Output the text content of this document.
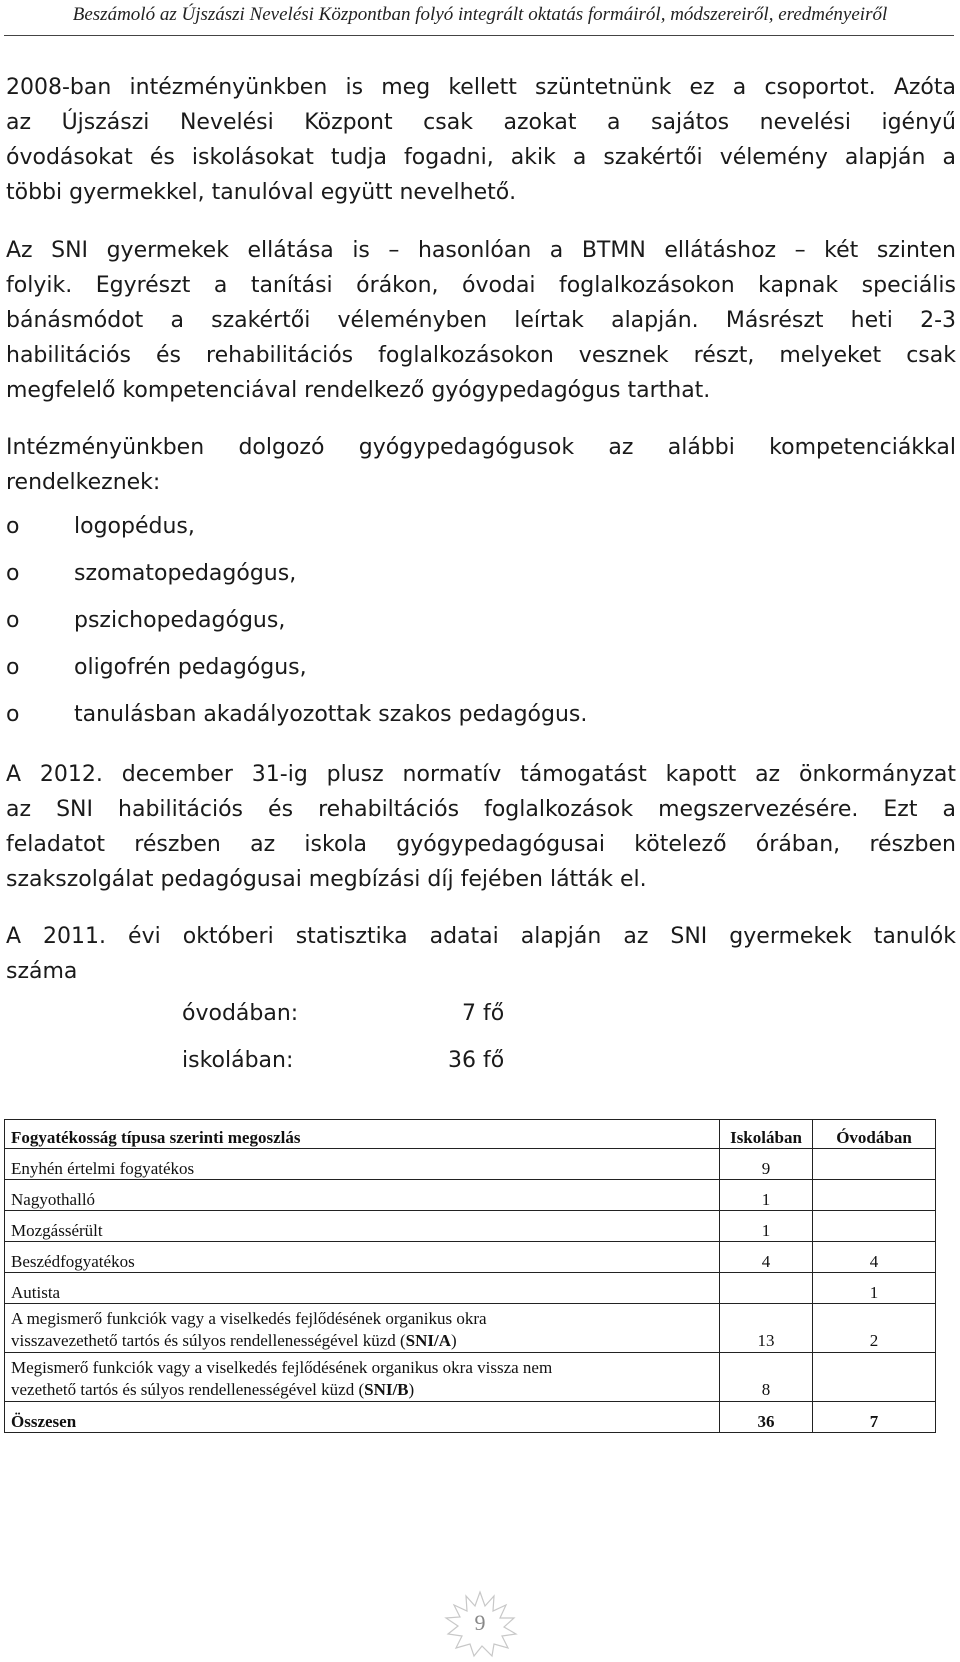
Beszámoló az Újszászi Nevelési Központban folyó integrált oktatás formáiról, módszereiről, eredményeiről
2008-ban intézményünkben is meg kellett szüntetnünk ez a csoportot. Azóta
az Újszászi Nevelési Központ csak azokat a sajátos nevelési igényű
óvodásokat és iskolásokat tudja fogadni, akik a szakértői vélemény alapján a
többi gyermekkel, tanulóval együtt nevelhető.
Az SNI gyermekek ellátása is – hasonlóan a BTMN ellátáshoz – két szinten
folyik. Egyrészt a tanítási órákon, óvodai foglalkozásokon kapnak speciális
bánásmódot a szakértői véleményben leírtak alapján. Másrészt heti 2-3
habilitációs és rehabilitációs foglalkozásokon vesznek részt, melyeket csak
megfelelő kompetenciával rendelkező gyógypedagógus tarthat.
Intézményünkben dolgozó gyógypedagógusok az alábbi kompetenciákkal
rendelkeznek:
o logopédus,
o szomatopedagógus,
o pszichopedagógus,
o oligofrén pedagógus,
o tanulásban akadályozottak szakos pedagógus.
A 2012. december 31-ig plusz normatív támogatást kapott az önkormányzat
az SNI habilitációs és rehabiltációs foglalkozások megszervezésére. Ezt a
feladatot részben az iskola gyógypedagógusai kötelező órában, részben
szakszolgálat pedagógusai megbízási díj fejében látták el.
A 2011. évi októberi statisztika adatai alapján az SNI gyermekek tanulók
száma
óvodában:	7 fő
iskolában:	36 fő
Fogyatékosság típusa szerinti megoszlás	Iskolában	Óvodában
Enyhén értelmi fogyatékos	9	
Nagyothalló	1	
Mozgássérült	1	
Beszédfogyatékos	4	4
Autista		1

A megismerő funkciók vagy a viselkedés fejlődésének organikus okra
visszavezethető tartós és súlyos rendellenességével küzd (SNI/A)	13	2

Megismerő funkciók vagy a viselkedés fejlődésének organikus okra vissza nem
vezethető tartós és súlyos rendellenességével küzd (SNI/B)	8	
Összesen	36	7
9
